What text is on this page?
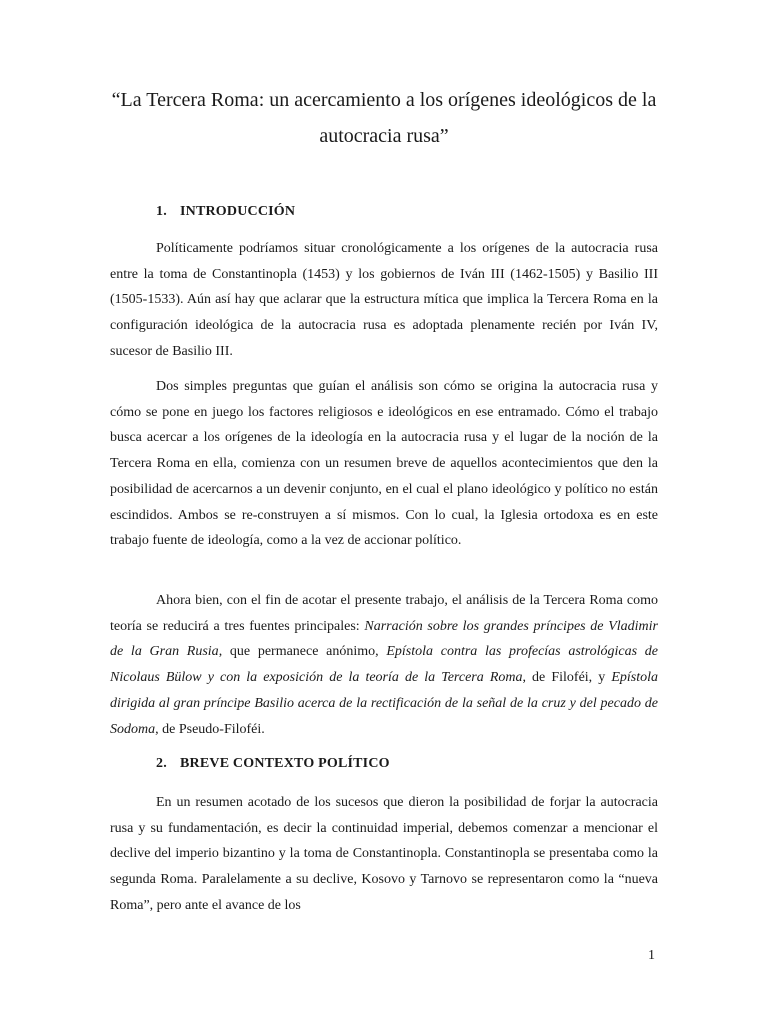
“La Tercera Roma: un acercamiento a los orígenes ideológicos de la autocracia rusa”
1. INTRODUCCIÓN

Políticamente podríamos situar cronológicamente a los orígenes de la autocracia rusa entre la toma de Constantinopla (1453) y los gobiernos de Iván III (1462-1505) y Basilio III (1505-1533). Aún así hay que aclarar que la estructura mítica que implica la Tercera Roma en la configuración ideológica de la autocracia rusa es adoptada plenamente recién por Iván IV, sucesor de Basilio III.

Dos simples preguntas que guían el análisis son cómo se origina la autocracia rusa y cómo se pone en juego los factores religiosos e ideológicos en ese entramado. Cómo el trabajo busca acercar a los orígenes de la ideología en la autocracia rusa y el lugar de la noción de la Tercera Roma en ella, comienza con un resumen breve de aquellos acontecimientos que den la posibilidad de acercarnos a un devenir conjunto, en el cual el plano ideológico y político no están escindidos. Ambos se re-construyen a sí mismos. Con lo cual, la Iglesia ortodoxa es en este trabajo fuente de ideología, como a la vez de accionar político.

Ahora bien, con el fin de acotar el presente trabajo, el análisis de la Tercera Roma como teoría se reducirá a tres fuentes principales: Narración sobre los grandes príncipes de Vladimir de la Gran Rusia, que permanece anónimo, Epístola contra las profecías astrológicas de Nicolaus Bülow y con la exposición de la teoría de la Tercera Roma, de Filoféi, y Epístola dirigida al gran príncipe Basilio acerca de la rectificación de la señal de la cruz y del pecado de Sodoma, de Pseudo-Filoféi.

2. BREVE CONTEXTO POLÍTICO

En un resumen acotado de los sucesos que dieron la posibilidad de forjar la autocracia rusa y su fundamentación, es decir la continuidad imperial, debemos comenzar a mencionar el declive del imperio bizantino y la toma de Constantinopla. Constantinopla se presentaba como la segunda Roma. Paralelamente a su declive, Kosovo y Tarnovo se representaron como la “nueva Roma”, pero ante el avance de los

1
